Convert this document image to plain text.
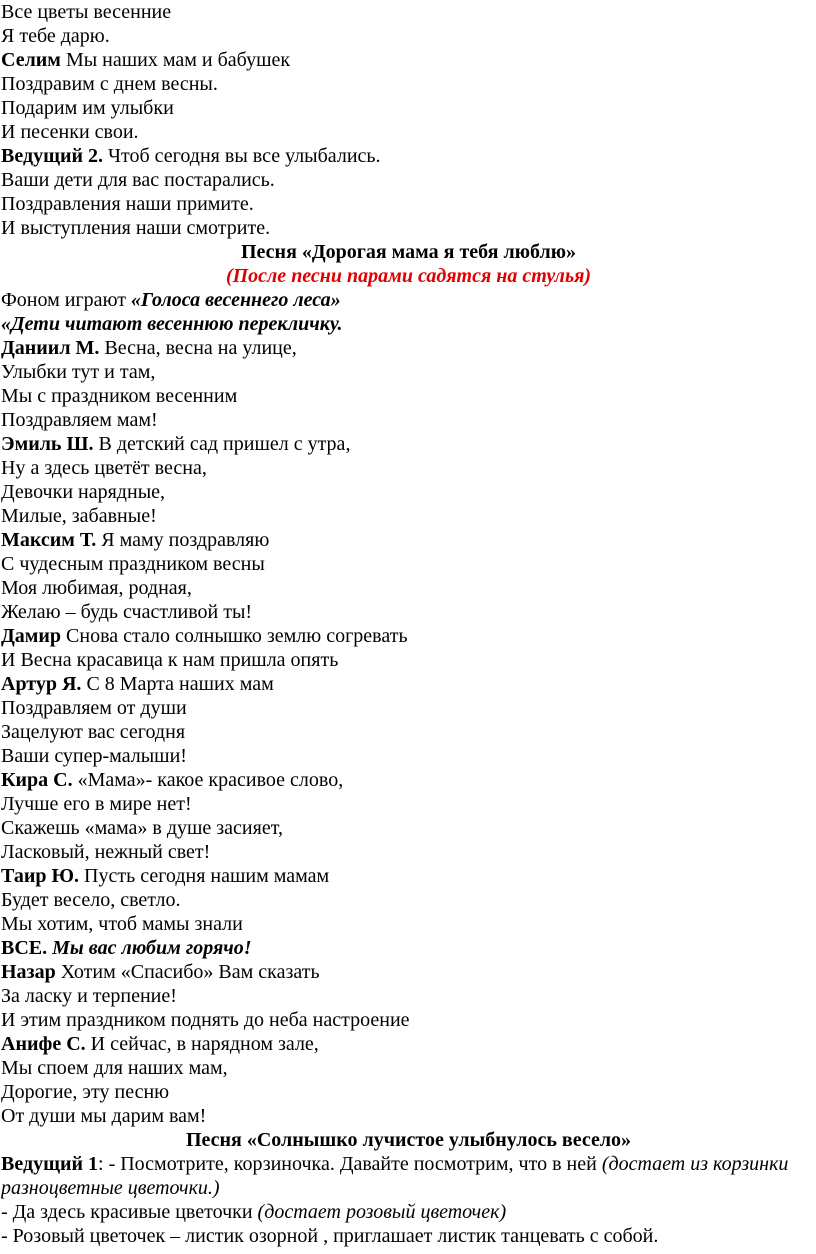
Все цветы весенние
Я тебе дарю.
Селим Мы наших мам и бабушек
Поздравим с днем весны.
Подарим им улыбки
И песенки свои.
Ведущий 2. Чтоб сегодня вы все улыбались.
Ваши дети для вас постарались.
Поздравления наши примите.
И выступления наши смотрите.
Песня «Дорогая мама я тебя люблю»
(После песни парами садятся на стулья)
Фоном играют «Голоса весеннего леса»
«Дети читают весеннюю перекличку.
Даниил М. Весна, весна на улице,
Улыбки тут и там,
Мы с праздником весенним
Поздравляем мам!
Эмиль Ш. В детский сад пришел с утра,
Ну а здесь цветёт весна,
Девочки нарядные,
Милые, забавные!
Максим Т. Я маму поздравляю
С чудесным праздником весны
Моя любимая, родная,
Желаю – будь счастливой ты!
Дамир Снова стало солнышко землю согревать
И Весна красавица к нам пришла опять
Артур Я. С 8 Марта наших мам
Поздравляем от души
Зацелуют вас сегодня
Ваши супер-малыши!
Кира С. «Мама»- какое красивое слово,
Лучше его в мире нет!
Скажешь «мама» в душе засияет,
Ласковый, нежный свет!
Таир Ю. Пусть сегодня нашим мамам
Будет весело, светло.
Мы хотим, чтоб мамы знали
ВСЕ. Мы вас любим горячо!
Назар Хотим «Спасибо» Вам сказать
За ласку и терпение!
И этим праздником поднять до неба настроение
Анифе С. И сейчас, в нарядном зале,
Мы споем для наших мам,
Дорогие, эту песню
От души мы дарим вам!
Песня «Солнышко лучистое улыбнулось весело»
Ведущий 1: - Посмотрите, корзиночка. Давайте посмотрим, что в ней (достает из корзинки
разноцветные цветочки.)
- Да здесь красивые цветочки (достает розовый цветочек)
- Розовый цветочек – листик озорной , приглашает листик танцевать с собой.
